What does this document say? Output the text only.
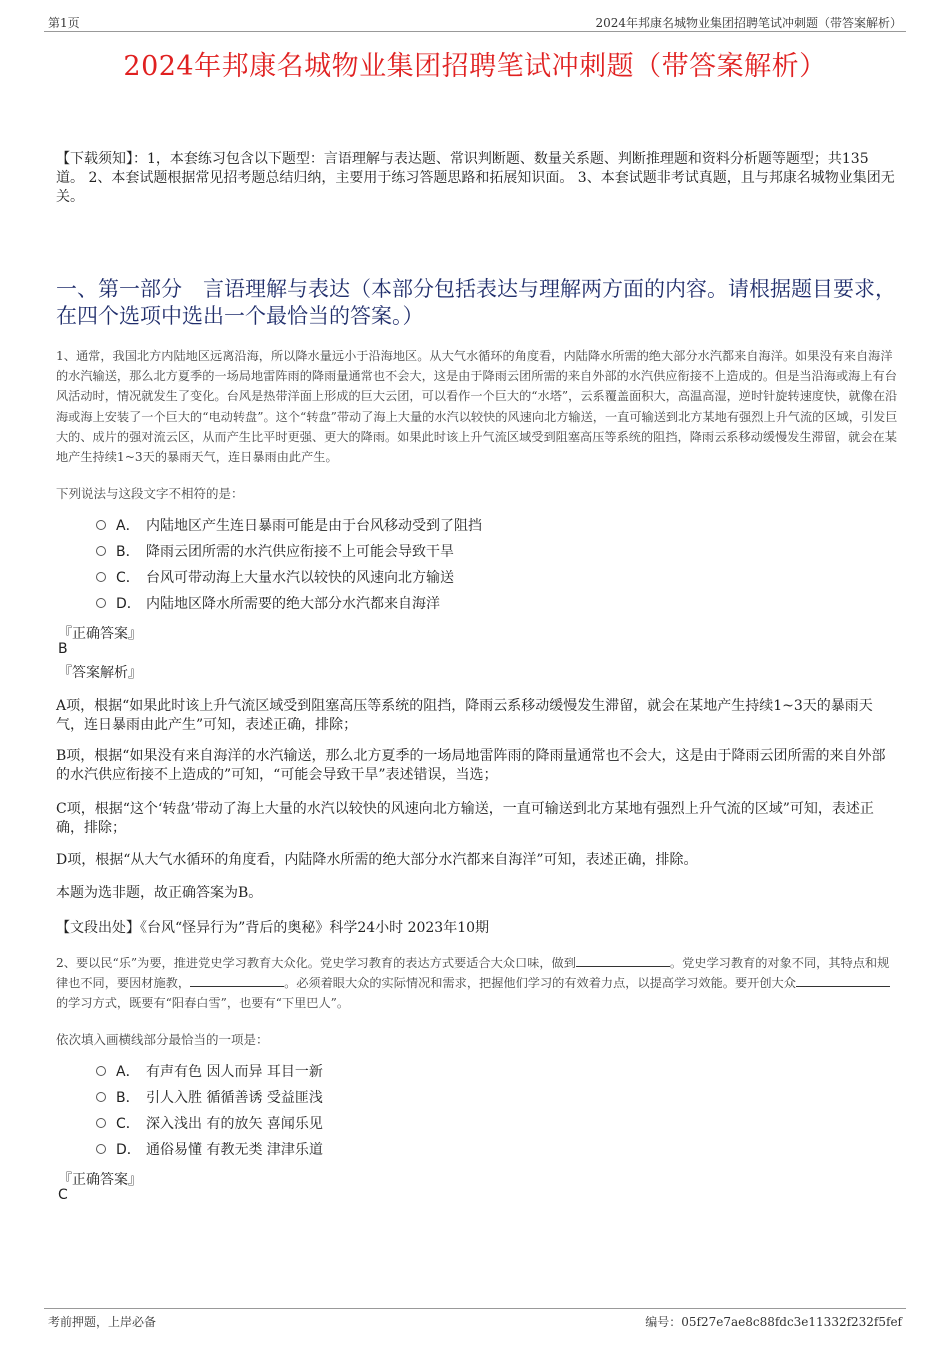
第1页	2024年邦康名城物业集团招聘笔试冲刺题（带答案解析）
2024年邦康名城物业集团招聘笔试冲刺题（带答案解析）
【下载须知】：1，本套练习包含以下题型：言语理解与表达题、常识判断题、数量关系题、判断推理题和资料分析题等题型；共135道。 2、本套试题根据常见招考题总结归纳，主要用于练习答题思路和拓展知识面。 3、本套试题非考试真题，且与邦康名城物业集团无关。
一、第一部分　言语理解与表达（本部分包括表达与理解两方面的内容。请根据题目要求，在四个选项中选出一个最恰当的答案。）
1、通常，我国北方内陆地区远离沿海，所以降水量远小于沿海地区。从大气水循环的角度看，内陆降水所需的绝大部分水汽都来自海洋。如果没有来自海洋的水汽输送，那么北方夏季的一场局地雷阵雨的降雨量通常也不会大，这是由于降雨云团所需的来自外部的水汽供应衔接不上造成的。但是当沿海或海上有台风活动时，情况就发生了变化。台风是热带洋面上形成的巨大云团，可以看作一个巨大的“水塔”，云系覆盖面积大，高温高湿，逆时针旋转速度快，就像在沿海或海上安装了一个巨大的“电动转盘”。这个“转盘”带动了海上大量的水汽以较快的风速向北方输送，一直可输送到北方某地有强烈上升气流的区域，引发巨大的、成片的强对流云区，从而产生比平时更强、更大的降雨。如果此时该上升气流区域受到阻塞高压等系统的阻挡，降雨云系移动缓慢发生滞留，就会在某地产生持续1~3天的暴雨天气，连日暴雨由此产生。
下列说法与这段文字不相符的是：
A． 内陆地区产生连日暴雨可能是由于台风移动受到了阻挡
B． 降雨云团所需的水汽供应衔接不上可能会导致干旱
C． 台风可带动海上大量水汽以较快的风速向北方输送
D． 内陆地区降水所需要的绝大部分水汽都来自海洋
『正确答案』
B
『答案解析』
A项，根据“如果此时该上升气流区域受到阻塞高压等系统的阻挡，降雨云系移动缓慢发生滞留，就会在某地产生持续1~3天的暴雨天气，连日暴雨由此产生”可知，表述正确，排除；
B项，根据“如果没有来自海洋的水汽输送，那么北方夏季的一场局地雷阵雨的降雨量通常也不会大，这是由于降雨云团所需的来自外部的水汽供应衔接不上造成的”可知，“可能会导致干旱”表述错误，当选；
C项，根据“这个‘转盘’带动了海上大量的水汽以较快的风速向北方输送，一直可输送到北方某地有强烈上升气流的区域”可知，表述正确，排除；
D项，根据“从大气水循环的角度看，内陆降水所需的绝大部分水汽都来自海洋”可知，表述正确，排除。
本题为选非题，故正确答案为B。
【文段出处】《台风“怪异行为”背后的奥秘》科学24小时 2023年10期
2、要以民“乐”为要，推进党史学习教育大众化。党史学习教育的表达方式要适合大众口味，做到	。党史学习教育的对象不同，其特点和规律也不同，要因材施教，	。必须着眼大众的实际情况和需求，把握他们学习的有效着力点，以提高学习效能。要开创大众的学习方式，既要有“阳春白雪”，也要有“下里巴人”。
依次填入画横线部分最恰当的一项是：
A． 有声有色 因人而异 耳目一新
B． 引人入胜 循循善诱 受益匪浅
C． 深入浅出 有的放矢 喜闻乐见
D． 通俗易懂 有教无类 津津乐道
『正确答案』
C
考前押题，上岸必备	编号：05f27e7ae8c88fdc3e11332f232f5fef
